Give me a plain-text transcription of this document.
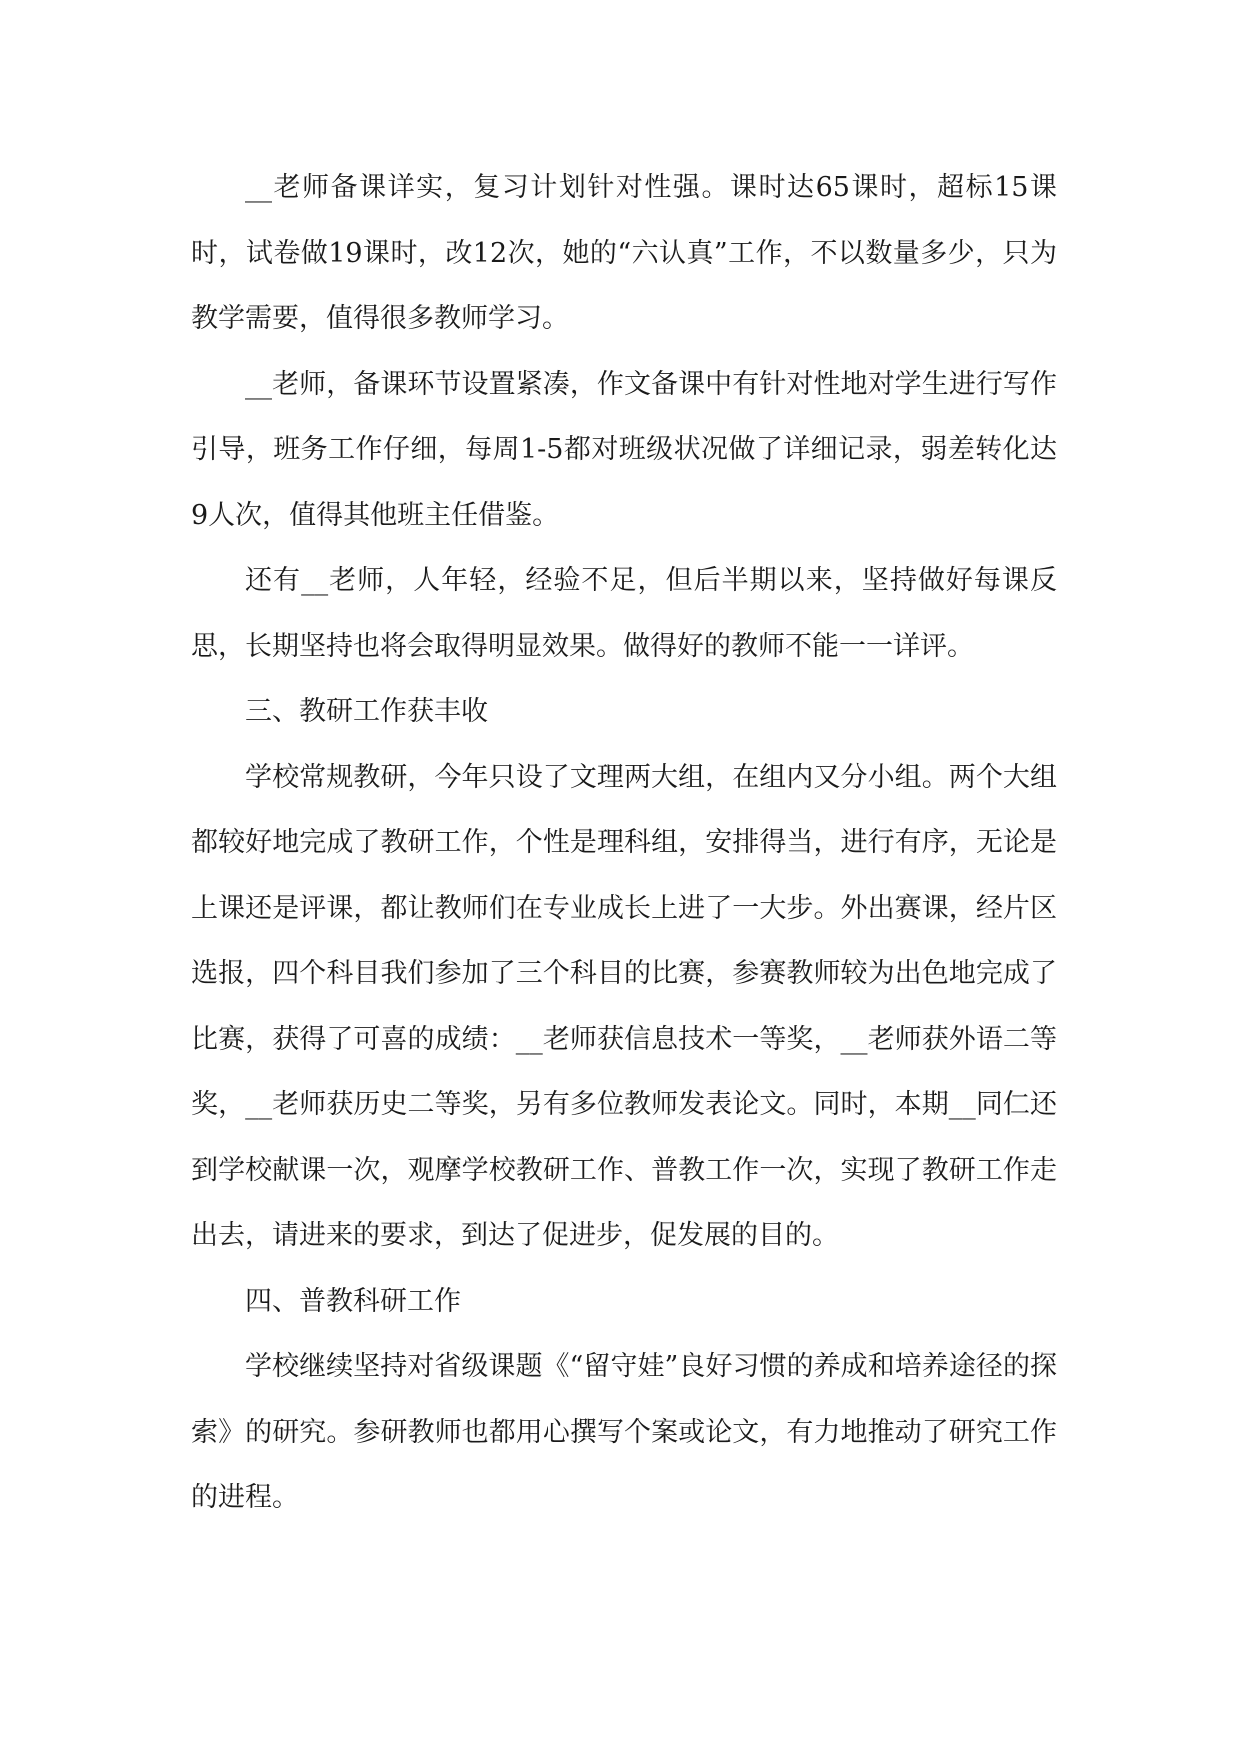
__老师备课详实，复习计划针对性强。课时达65课时，超标15课时，试卷做19课时，改12次，她的“六认真”工作，不以数量多少，只为教学需要，值得很多教师学习。

__老师，备课环节设置紧凑，作文备课中有针对性地对学生进行写作引导，班务工作仔细，每周1-5都对班级状况做了详细记录，弱差转化达9人次，值得其他班主任借鉴。

还有__老师，人年轻，经验不足，但后半期以来，坚持做好每课反思，长期坚持也将会取得明显效果。做得好的教师不能一一详评。

三、教研工作获丰收

学校常规教研，今年只设了文理两大组，在组内又分小组。两个大组都较好地完成了教研工作，个性是理科组，安排得当，进行有序，无论是上课还是评课，都让教师们在专业成长上进了一大步。外出赛课，经片区选报，四个科目我们参加了三个科目的比赛，参赛教师较为出色地完成了比赛，获得了可喜的成绩：__老师获信息技术一等奖，__老师获外语二等奖，__老师获历史二等奖，另有多位教师发表论文。同时，本期__同仁还到学校献课一次，观摩学校教研工作、普教工作一次，实现了教研工作走出去，请进来的要求，到达了促进步，促发展的目的。

四、普教科研工作

学校继续坚持对省级课题《“留守娃”良好习惯的养成和培养途径的探索》的研究。参研教师也都用心撰写个案或论文，有力地推动了研究工作的进程。
